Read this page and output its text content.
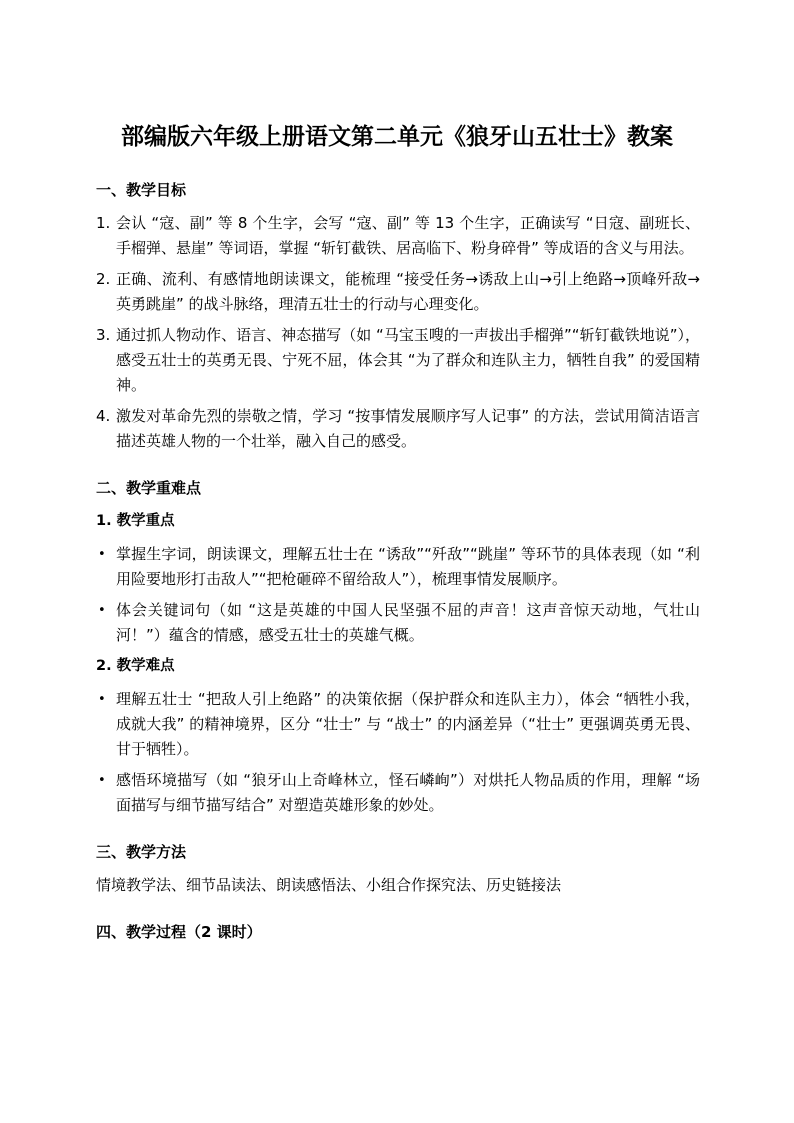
部编版六年级上册语文第二单元《狼牙山五壮士》教案
一、教学目标
1. 会认 “寇、副” 等 8 个生字，会写 “寇、副” 等 13 个生字，正确读写 “日寇、副班长、手榴弹、悬崖” 等词语，掌握 “斩钉截铁、居高临下、粉身碎骨” 等成语的含义与用法。
2. 正确、流利、有感情地朗读课文，能梳理 “接受任务→诱敌上山→引上绝路→顶峰歼敌→英勇跳崖” 的战斗脉络，理清五壮士的行动与心理变化。
3. 通过抓人物动作、语言、神态描写（如 “马宝玉嗖的一声拔出手榴弹”“斩钉截铁地说”），感受五壮士的英勇无畏、宁死不屈，体会其 “为了群众和连队主力，牺牲自我” 的爱国精神。
4. 激发对革命先烈的崇敬之情，学习 “按事情发展顺序写人记事” 的方法，尝试用简洁语言描述英雄人物的一个壮举，融入自己的感受。
二、教学重难点
1. 教学重点
• 掌握生字词，朗读课文，理解五壮士在 “诱敌”“歼敌”“跳崖” 等环节的具体表现（如 “利用险要地形打击敌人”“把枪砸碎不留给敌人”），梳理事情发展顺序。
• 体会关键词句（如 “这是英雄的中国人民坚强不屈的声音！这声音惊天动地，气壮山河！”）蕴含的情感，感受五壮士的英雄气概。
2. 教学难点
• 理解五壮士 “把敌人引上绝路” 的决策依据（保护群众和连队主力），体会 “牺牲小我，成就大我” 的精神境界，区分 “壮士” 与 “战士” 的内涵差异（“壮士” 更强调英勇无畏、甘于牺牲）。
• 感悟环境描写（如 “狼牙山上奇峰林立，怪石嶙峋”）对烘托人物品质的作用，理解 “场面描写与细节描写结合” 对塑造英雄形象的妙处。
三、教学方法

情境教学法、细节品读法、朗读感悟法、小组合作探究法、历史链接法

四、教学过程（2 课时）
